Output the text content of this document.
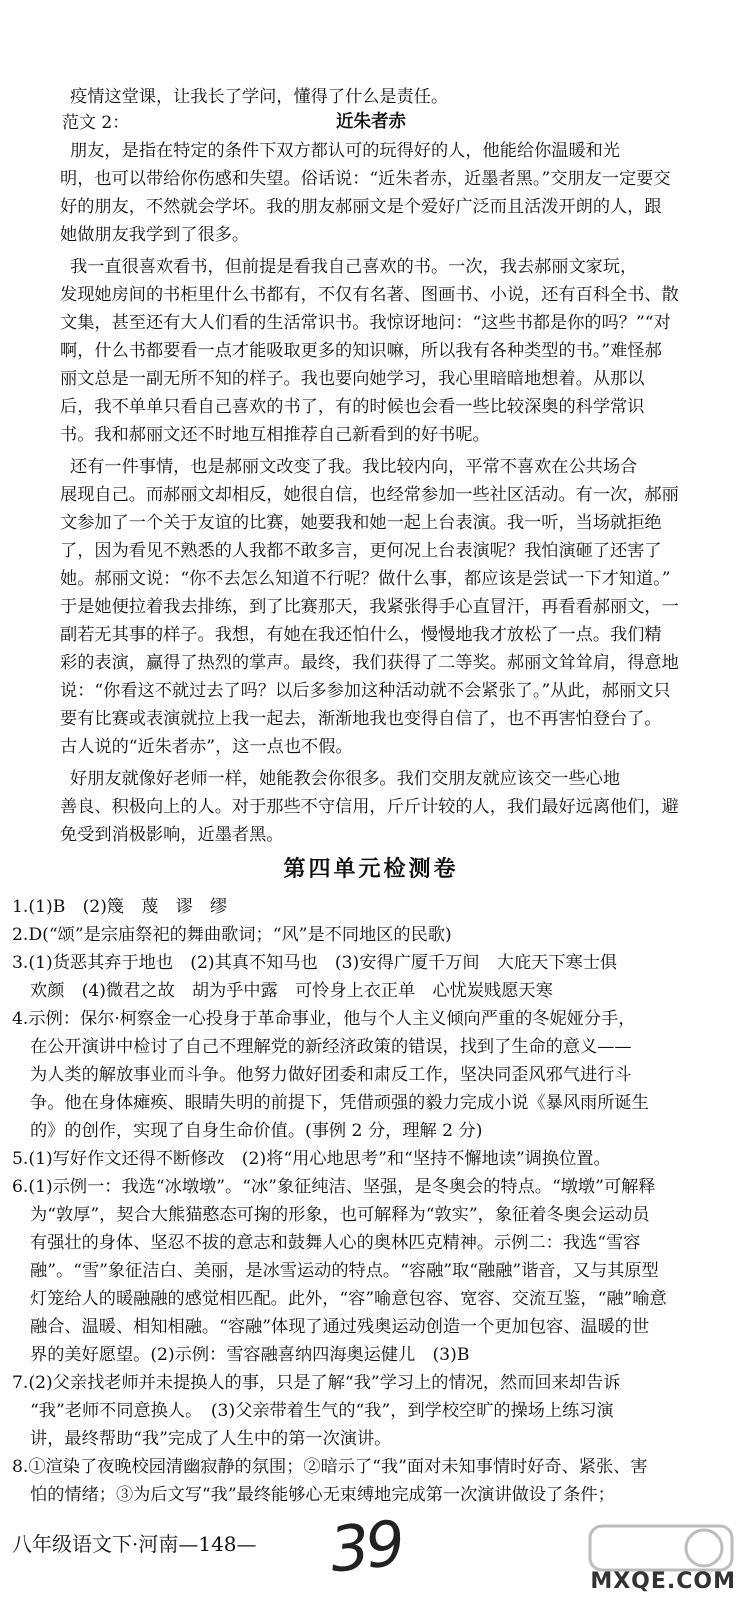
疫情这堂课，让我长了学问，懂得了什么是责任。
范文 2：	近朱者赤
朋友，是指在特定的条件下双方都认可的玩得好的人，他能给你温暖和光
明，也可以带给你伤感和失望。俗话说：“近朱者赤，近墨者黑。”交朋友一定要交
好的朋友，不然就会学坏。我的朋友郝丽文是个爱好广泛而且活泼开朗的人，跟
她做朋友我学到了很多。
我一直很喜欢看书，但前提是看我自己喜欢的书。一次，我去郝丽文家玩，
发现她房间的书柜里什么书都有，不仅有名著、图画书、小说，还有百科全书、散
文集，甚至还有大人们看的生活常识书。我惊讶地问：“这些书都是你的吗？”“对
啊，什么书都要看一点才能吸取更多的知识嘛，所以我有各种类型的书。”难怪郝
丽文总是一副无所不知的样子。我也要向她学习，我心里暗暗地想着。从那以
后，我不单单只看自己喜欢的书了，有的时候也会看一些比较深奥的科学常识
书。我和郝丽文还不时地互相推荐自己新看到的好书呢。
还有一件事情，也是郝丽文改变了我。我比较内向，平常不喜欢在公共场合
展现自己。而郝丽文却相反，她很自信，也经常参加一些社区活动。有一次，郝丽
文参加了一个关于友谊的比赛，她要我和她一起上台表演。我一听，当场就拒绝
了，因为看见不熟悉的人我都不敢多言，更何况上台表演呢？我怕演砸了还害了
她。郝丽文说：“你不去怎么知道不行呢？做什么事，都应该是尝试一下才知道。”
于是她便拉着我去排练，到了比赛那天，我紧张得手心直冒汗，再看看郝丽文，一
副若无其事的样子。我想，有她在我还怕什么，慢慢地我才放松了一点。我们精
彩的表演，赢得了热烈的掌声。最终，我们获得了二等奖。郝丽文耸耸肩，得意地
说：“你看这不就过去了吗？以后多参加这种活动就不会紧张了。”从此，郝丽文只
要有比赛或表演就拉上我一起去，渐渐地我也变得自信了，也不再害怕登台了。
古人说的“近朱者赤”，这一点也不假。
好朋友就像好老师一样，她能教会你很多。我们交朋友就应该交一些心地
善良、积极向上的人。对于那些不守信用，斤斤计较的人，我们最好远离他们，避
免受到消极影响，近墨者黑。
第四单元检测卷
1.(1)B　(2)篾　蔑　谬　缪
2.D(“颂”是宗庙祭祀的舞曲歌词；“风”是不同地区的民歌)
3.(1)货恶其弃于地也　(2)其真不知马也　(3)安得广厦千万间　大庇天下寒士俱
欢颜　(4)微君之故　胡为乎中露　可怜身上衣正单　心忧炭贱愿天寒
4.示例：保尔·柯察金一心投身于革命事业，他与个人主义倾向严重的冬妮娅分手，
在公开演讲中检讨了自己不理解党的新经济政策的错误，找到了生命的意义——
为人类的解放事业而斗争。他努力做好团委和肃反工作，坚决同歪风邪气进行斗
争。他在身体瘫痪、眼睛失明的前提下，凭借顽强的毅力完成小说《暴风雨所诞生
的》的创作，实现了自身生命价值。(事例 2 分，理解 2 分)
5.(1)写好作文还得不断修改　(2)将“用心地思考”和“坚持不懈地读”调换位置。
6.(1)示例一：我选“冰墩墩”。“冰”象征纯洁、坚强，是冬奥会的特点。“墩墩”可解释
为“敦厚”，契合大熊猫憨态可掬的形象，也可解释为“敦实”，象征着冬奥会运动员
有强壮的身体、坚忍不拔的意志和鼓舞人心的奥林匹克精神。示例二：我选“雪容
融”。“雪”象征洁白、美丽，是冰雪运动的特点。“容融”取“融融”谐音，又与其原型
灯笼给人的暖融融的感觉相匹配。此外，“容”喻意包容、宽容、交流互鉴，“融”喻意
融合、温暖、相知相融。“容融”体现了通过残奥运动创造一个更加包容、温暖的世
界的美好愿望。(2)示例：雪容融喜纳四海奥运健儿　(3)B
7.(2)父亲找老师并未提换人的事，只是了解“我”学习上的情况，然而回来却告诉
“我”老师不同意换人。　(3)父亲带着生气的“我”，到学校空旷的操场上练习演
讲，最终帮助“我”完成了人生中的第一次演讲。
8.①渲染了夜晚校园清幽寂静的氛围；②暗示了“我”面对未知事情时好奇、紧张、害
怕的情绪；③为后文写“我”最终能够心无束缚地完成第一次演讲做设了条件；
八年级语文下·河南—148— 39	MXQE.COM
